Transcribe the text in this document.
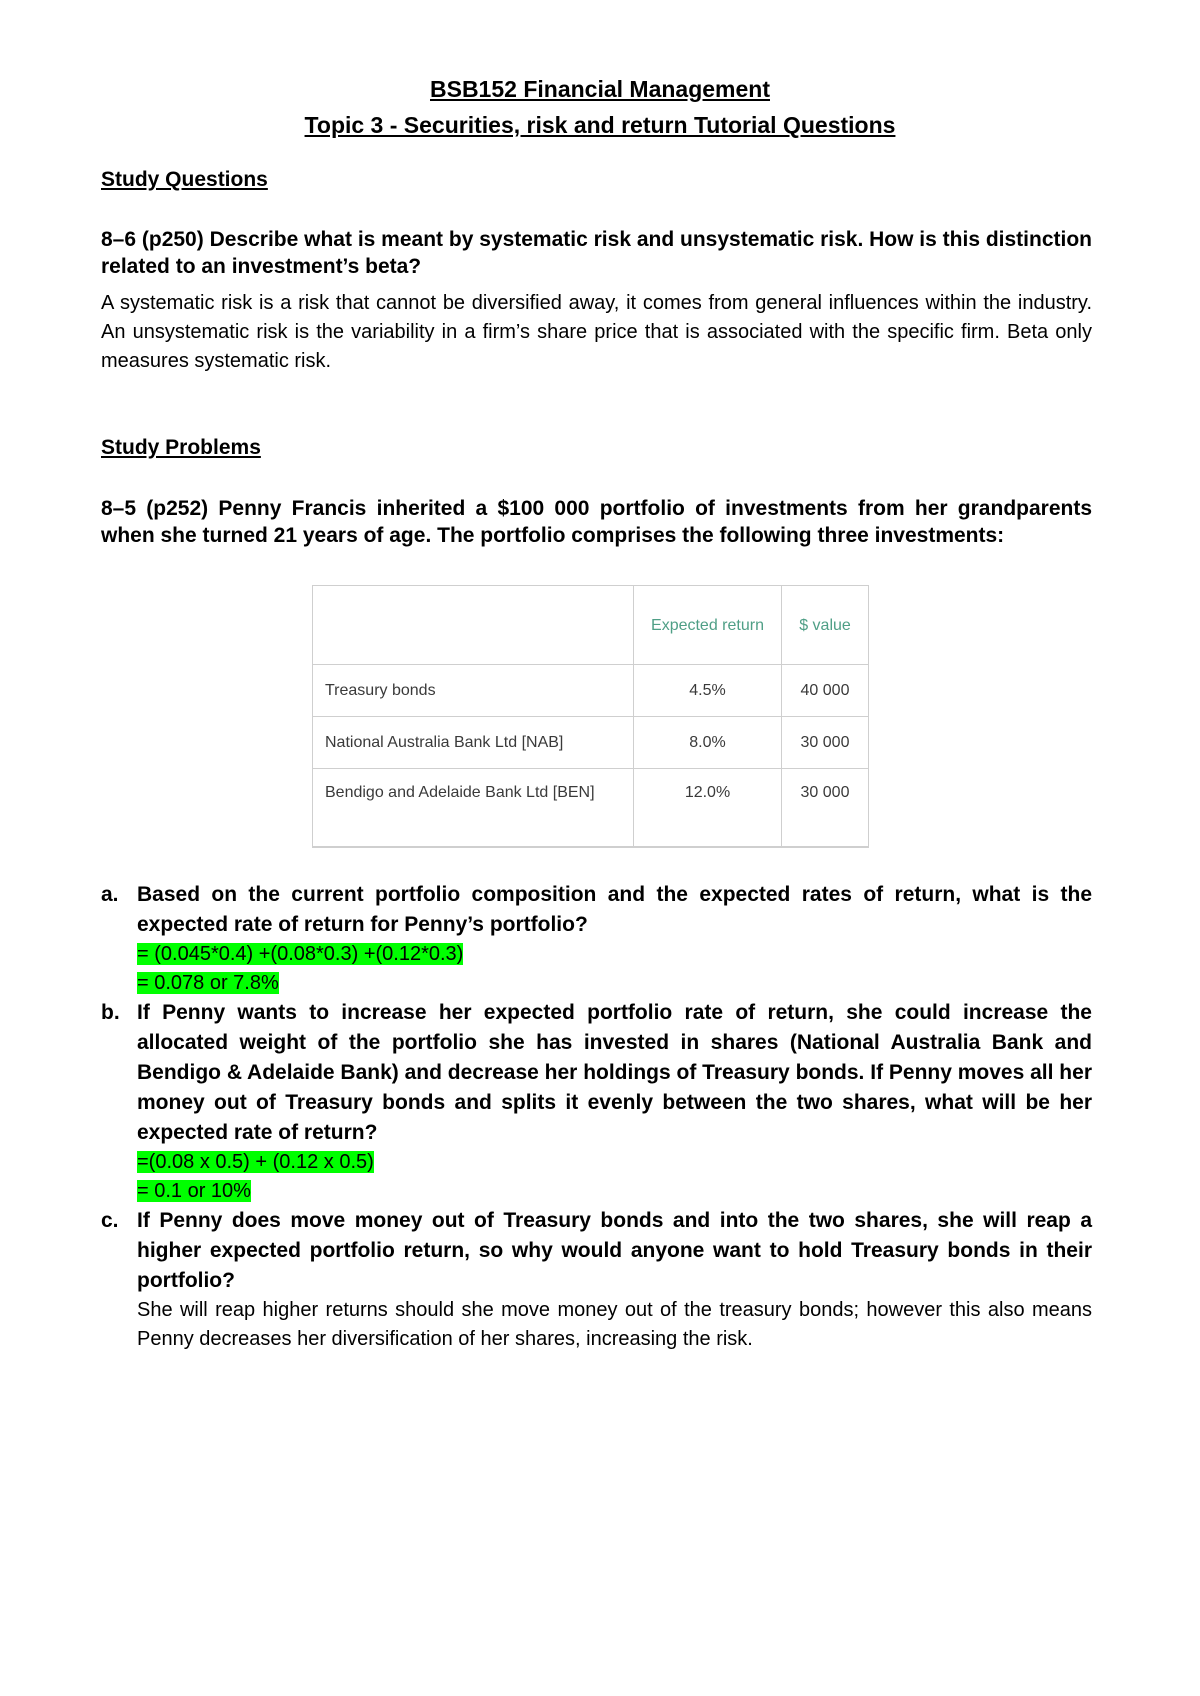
BSB152 Financial Management
Topic 3 - Securities, risk and return Tutorial Questions
Study Questions
8–6 (p250) Describe what is meant by systematic risk and unsystematic risk. How is this distinction related to an investment’s beta?
A systematic risk is a risk that cannot be diversified away, it comes from general influences within the industry. An unsystematic risk is the variability in a firm’s share price that is associated with the specific firm. Beta only measures systematic risk.
Study Problems
8–5 (p252) Penny Francis inherited a $100 000 portfolio of investments from her grandparents when she turned 21 years of age. The portfolio comprises the following three investments:
	Expected return	$ value
Treasury bonds	4.5%	40 000
National Australia Bank Ltd [NAB]	8.0%	30 000
Bendigo and Adelaide Bank Ltd [BEN]	12.0%	30 000
a. Based on the current portfolio composition and the expected rates of return, what is the expected rate of return for Penny’s portfolio?
= (0.045*0.4) +(0.08*0.3) +(0.12*0.3)
= 0.078 or 7.8%
b. If Penny wants to increase her expected portfolio rate of return, she could increase the allocated weight of the portfolio she has invested in shares (National Australia Bank and Bendigo & Adelaide Bank) and decrease her holdings of Treasury bonds. If Penny moves all her money out of Treasury bonds and splits it evenly between the two shares, what will be her expected rate of return?
=(0.08 x 0.5) + (0.12 x 0.5)
= 0.1 or 10%
c. If Penny does move money out of Treasury bonds and into the two shares, she will reap a higher expected portfolio return, so why would anyone want to hold Treasury bonds in their portfolio?
She will reap higher returns should she move money out of the treasury bonds; however this also means Penny decreases her diversification of her shares, increasing the risk.
